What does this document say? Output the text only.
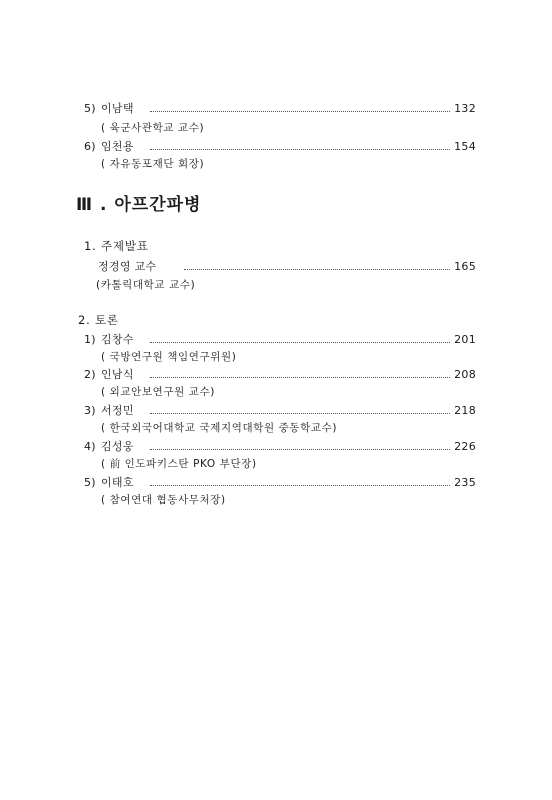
5) 이남택	132
( 육군사관학교 교수)
6) 임천용	154
( 자유동포재단 회장)
Ⅲ . 아프간파병
1. 주제발표
정경영 교수	165
(카톨릭대학교 교수)
2. 토론
1) 김창수	201
( 국방연구원 책임연구위원)
2) 인남식	208
( 외교안보연구원 교수)
3) 서정민	218
( 한국외국어대학교 국제지역대학원 중동학교수)
4) 김성웅	226
( 前 인도파키스탄 PKO 부단장)
5) 이태호	235
( 참여연대 협동사무처장)
